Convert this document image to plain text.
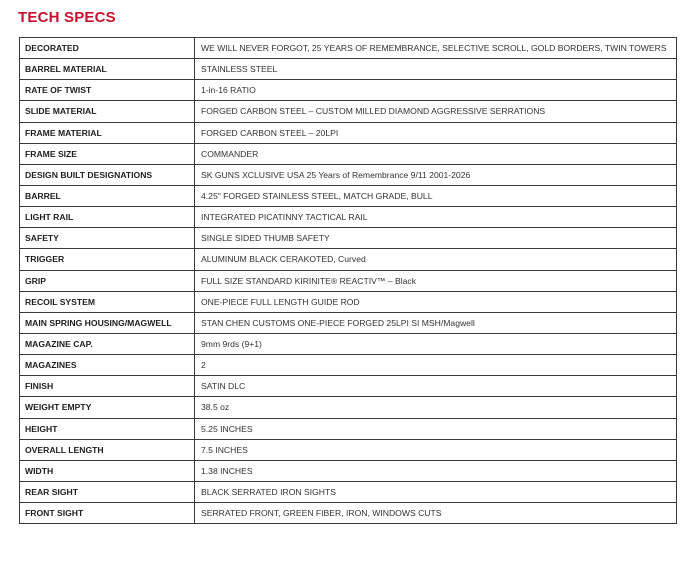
TECH SPECS
DECORATED	WE WILL NEVER FORGOT, 25 YEARS OF REMEMBRANCE, SELECTIVE SCROLL, GOLD BORDERS, TWIN TOWERS
BARREL MATERIAL	STAINLESS STEEL
RATE OF TWIST	1-in-16 RATIO
SLIDE MATERIAL	FORGED CARBON STEEL – CUSTOM MILLED DIAMOND AGGRESSIVE SERRATIONS
FRAME MATERIAL	FORGED CARBON STEEL – 20LPI
FRAME SIZE	COMMANDER
DESIGN BUILT DESIGNATIONS	SK GUNS XCLUSIVE USA 25 Years of Remembrance 9/11 2001-2026
BARREL	4.25" FORGED STAINLESS STEEL, MATCH GRADE, BULL
LIGHT RAIL	INTEGRATED PICATINNY TACTICAL RAIL
SAFETY	SINGLE SIDED THUMB SAFETY
TRIGGER	ALUMINUM BLACK CERAKOTED, Curved
GRIP	FULL SIZE STANDARD KIRINITE® REACTIV™ – Black
RECOIL SYSTEM	ONE-PIECE FULL LENGTH GUIDE ROD
MAIN SPRING HOUSING/MAGWELL	STAN CHEN CUSTOMS ONE-PIECE FORGED 25LPI SI MSH/Magwell
MAGAZINE CAP.	9mm 9rds (9+1)
MAGAZINES	2
FINISH	SATIN DLC
WEIGHT EMPTY	38.5 oz
HEIGHT	5.25 INCHES
OVERALL LENGTH	7.5 INCHES
WIDTH	1.38 INCHES
REAR SIGHT	BLACK SERRATED IRON SIGHTS
FRONT SIGHT	SERRATED FRONT, GREEN FIBER, IRON, WINDOWS CUTS
